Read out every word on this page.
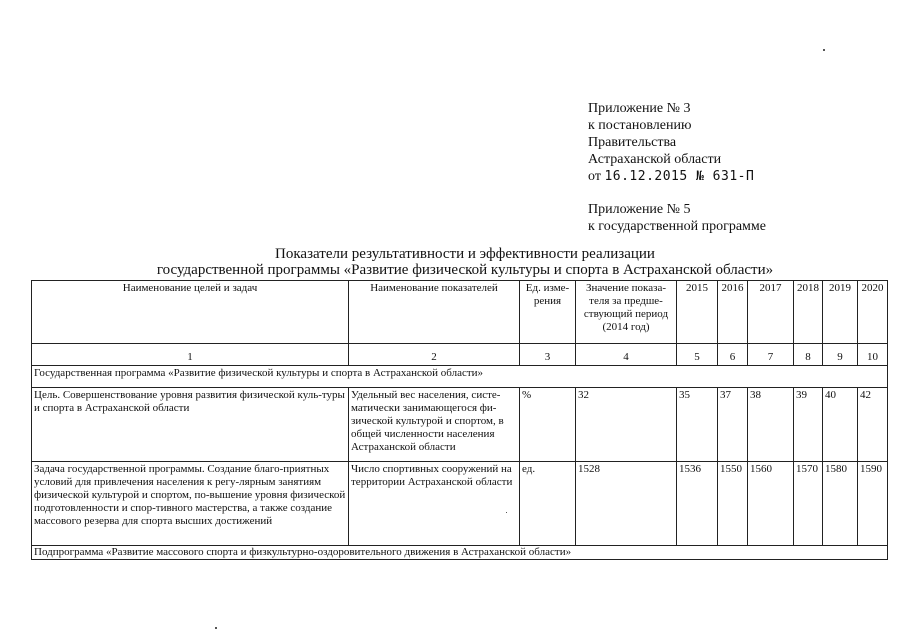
Приложение № 3
к постановлению
Правительства
Астраханской области
от 16.12.2015 № 631-П
Приложение № 5
к государственной программе
Показатели результативности и эффективности реализации
государственной программы «Развитие физической культуры и спорта в Астраханской области»
Наименование целей и задач	Наименование показателей	Ед. изме-рения	Значение показа-теля за предше-ствующий период (2014 год)	2015	2016	2017	2018	2019	2020
1	2	3	4	5	6	7	8	9	10
Государственная программа «Развитие физической культуры и спорта в Астраханской области»									
Цель. Совершенствование уровня развития физической куль-туры и спорта в Астраханской области	Удельный вес населения, систе-матически занимающегося фи-зической культурой и спортом, в общей численности населения Астраханской области	%	32	35	37	38	39	40	42
Задача государственной программы. Создание благо-приятных условий для привлечения населения к регу-лярным занятиям физической культурой и спортом, по-вышение уровня физической подготовленности и спор-тивного мастерства, а также создание массового резерва для спорта высших достижений	Число спортивных сооружений на территории Астраханской области	ед.	1528	1536	1550	1560	1570	1580	1590
Подпрограмма «Развитие массового спорта и физкультурно-оздоровительного движения в Астраханской области»									
